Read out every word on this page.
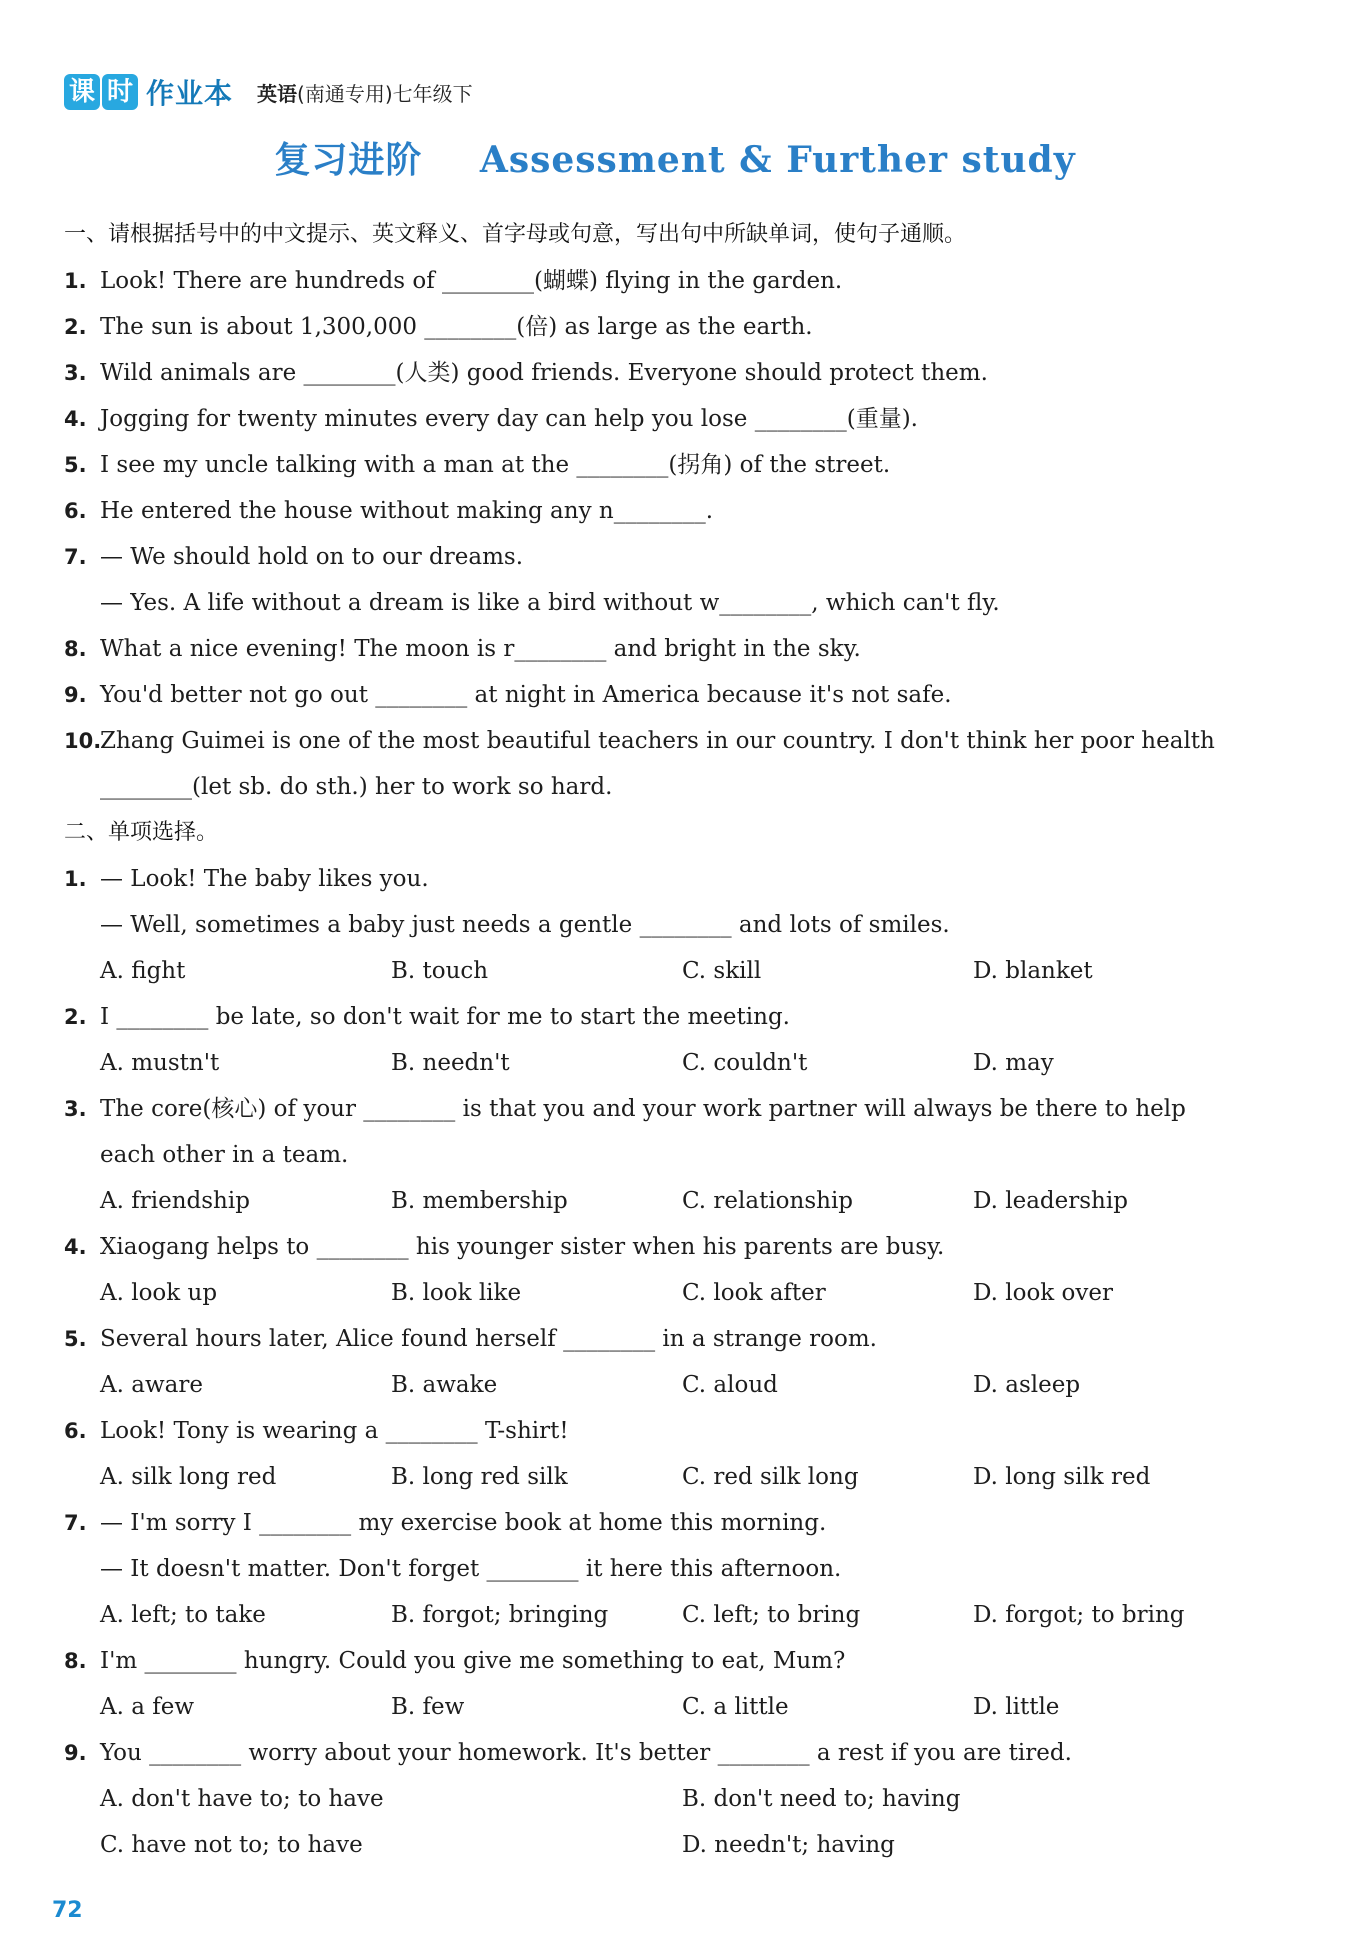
课 时 作业本 英语(南通专用)七年级下
复习进阶 Assessment & Further study
一、请根据括号中的中文提示、英文释义、首字母或句意，写出句中所缺单词，使句子通顺。
1. Look! There are hundreds of ________(蝴蝶) flying in the garden.
2. The sun is about 1,300,000 ________(倍) as large as the earth.
3. Wild animals are ________(人类) good friends. Everyone should protect them.
4. Jogging for twenty minutes every day can help you lose ________(重量).
5. I see my uncle talking with a man at the ________(拐角) of the street.
6. He entered the house without making any n________.
7. — We should hold on to our dreams.
— Yes. A life without a dream is like a bird without w________, which can't fly.
8. What a nice evening! The moon is r________ and bright in the sky.
9. You'd better not go out ________ at night in America because it's not safe.
10.Zhang Guimei is one of the most beautiful teachers in our country. I don't think her poor health
________(let sb. do sth.) her to work so hard.
二、单项选择。
1. — Look! The baby likes you.
— Well, sometimes a baby just needs a gentle ________ and lots of smiles.
A. fight	B. touch	C. skill	D. blanket
2. I ________ be late, so don't wait for me to start the meeting.
A. mustn't	B. needn't	C. couldn't	D. may
3. The core(核心) of your ________ is that you and your work partner will always be there to help
each other in a team.
A. friendship	B. membership	C. relationship	D. leadership
4. Xiaogang helps to ________ his younger sister when his parents are busy.
A. look up	B. look like	C. look after	D. look over
5. Several hours later, Alice found herself ________ in a strange room.
A. aware	B. awake	C. aloud	D. asleep
6. Look! Tony is wearing a ________ T-shirt!
A. silk long red	B. long red silk	C. red silk long	D. long silk red
7. — I'm sorry I ________ my exercise book at home this morning.
— It doesn't matter. Don't forget ________ it here this afternoon.
A. left; to take	B. forgot; bringing	C. left; to bring	D. forgot; to bring
8. I'm ________ hungry. Could you give me something to eat, Mum?
A. a few	B. few	C. a little	D. little
9. You ________ worry about your homework. It's better ________ a rest if you are tired.
A. don't have to; to have	B. don't need to; having
C. have not to; to have	D. needn't; having
72
